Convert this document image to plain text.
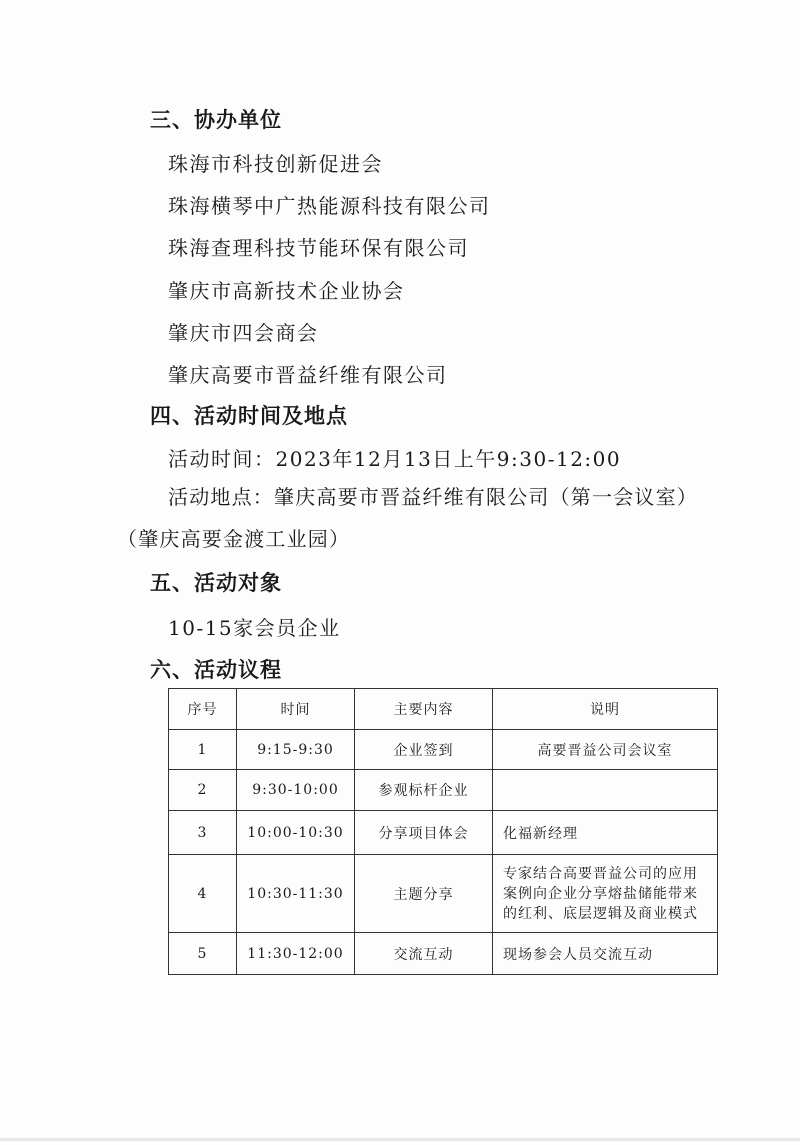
三、协办单位
珠海市科技创新促进会
珠海横琴中广热能源科技有限公司
珠海查理科技节能环保有限公司
肇庆市高新技术企业协会
肇庆市四会商会
肇庆高要市晋益纤维有限公司
四、活动时间及地点
活动时间：2023年12月13日上午9:30-12:00
活动地点：肇庆高要市晋益纤维有限公司（第一会议室）（肇庆高要金渡工业园）
五、活动对象
10-15家会员企业
六、活动议程
序号	时间	主要内容	说明
1	9:15-9:30	企业签到	高要晋益公司会议室
2	9:30-10:00	参观标杆企业	
3	10:00-10:30	分享项目体会	化福新经理
4	10:30-11:30	主题分享	专家结合高要晋益公司的应用案例向企业分享熔盐储能带来的红利、底层逻辑及商业模式
5	11:30-12:00	交流互动	现场参会人员交流互动
